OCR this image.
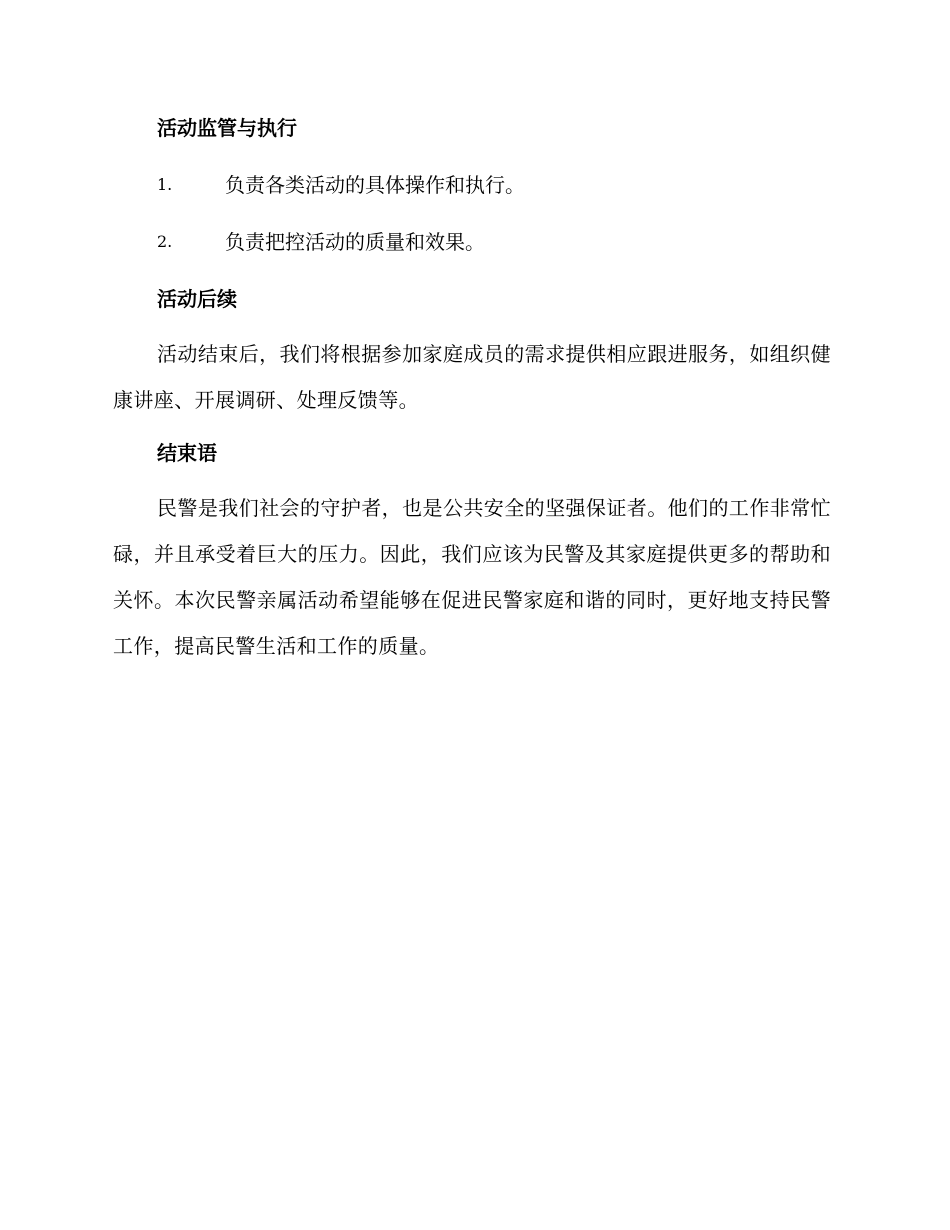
活动监管与执行
1.	负责各类活动的具体操作和执行。
2.	负责把控活动的质量和效果。
活动后续

活动结束后，我们将根据参加家庭成员的需求提供相应跟进服务，如组织健康讲座、开展调研、处理反馈等。

结束语

民警是我们社会的守护者，也是公共安全的坚强保证者。他们的工作非常忙碌，并且承受着巨大的压力。因此，我们应该为民警及其家庭提供更多的帮助和关怀。本次民警亲属活动希望能够在促进民警家庭和谐的同时，更好地支持民警工作，提高民警生活和工作的质量。
